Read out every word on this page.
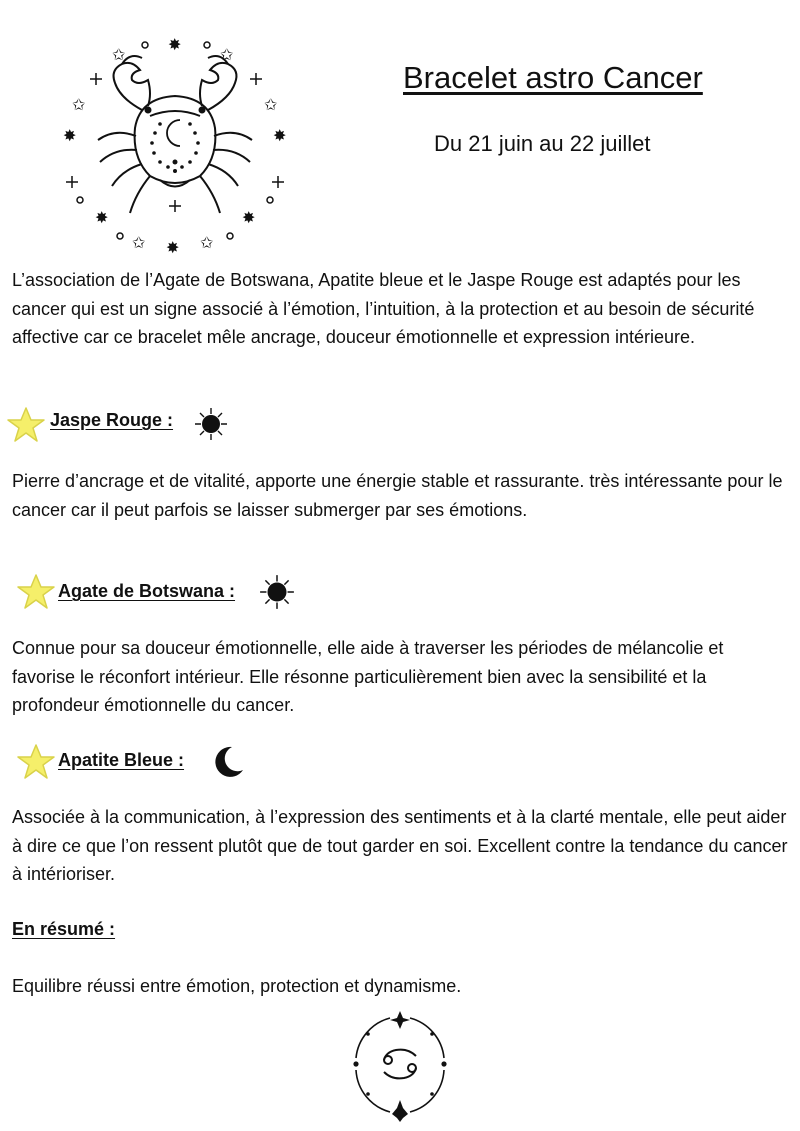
✸
✩	✩
✩	✩
✸	✸
✸	✸
✩	✩
✸
Bracelet astro Cancer
Du 21 juin au 22 juillet

L’association de l’Agate de Botswana, Apatite bleue et le Jaspe Rouge est adaptés pour les cancer qui est un signe associé à l’émotion, l’intuition, à la protection et au besoin de sécurité affective car ce bracelet mêle ancrage, douceur émotionnelle et expression intérieure.

Jaspe Rouge :

Pierre d’ancrage et de vitalité, apporte une énergie stable et rassurante. très intéressante pour le cancer car il peut parfois se laisser submerger par ses émotions.

Agate de Botswana :

Connue pour sa douceur émotionnelle, elle aide à traverser les périodes de mélancolie et favorise le réconfort intérieur. Elle résonne particulièrement bien avec la sensibilité et la profondeur émotionnelle du cancer.

Apatite Bleue :

Associée à la communication, à l’expression des sentiments et à la clarté mentale, elle peut aider à dire ce que l’on ressent plutôt que de tout garder en soi. Excellent contre la tendance du cancer à intérioriser.

En résumé :

Equilibre réussi entre émotion, protection et dynamisme.
